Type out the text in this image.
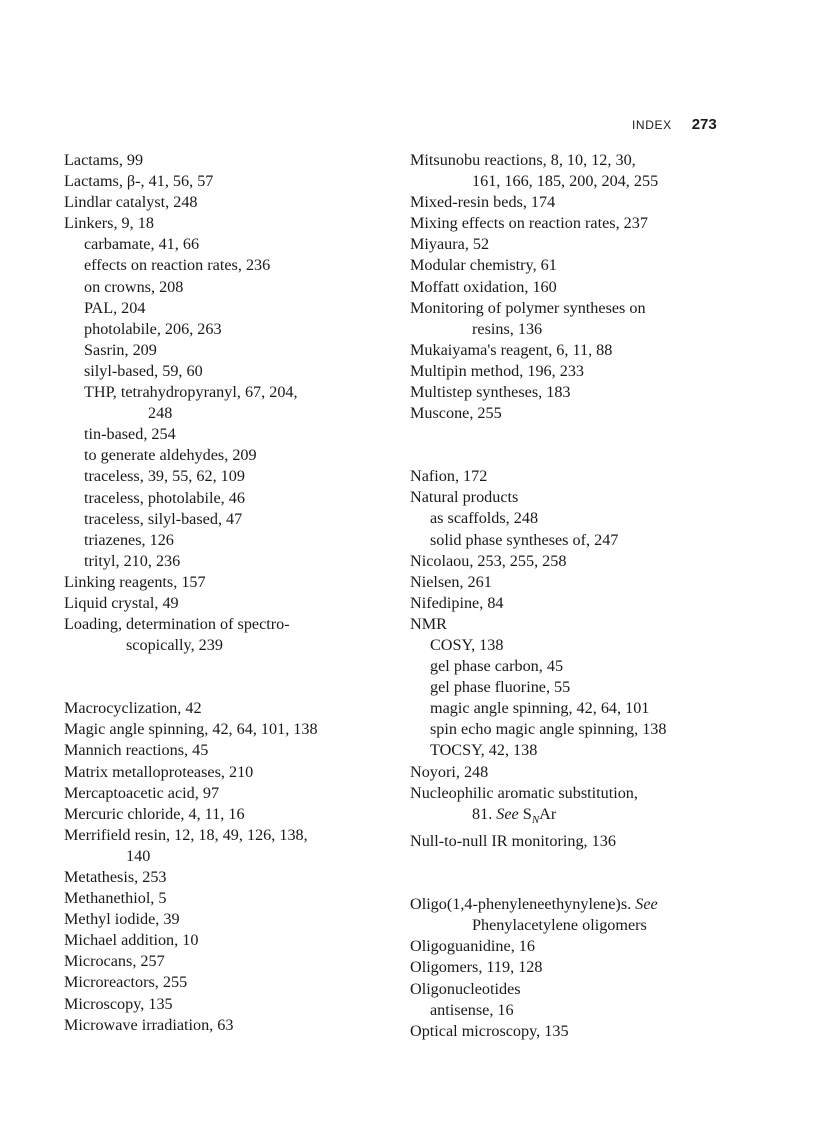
INDEX 273
Lactams, 99
Lactams, β-, 41, 56, 57
Lindlar catalyst, 248
Linkers, 9, 18
carbamate, 41, 66
effects on reaction rates, 236
on crowns, 208
PAL, 204
photolabile, 206, 263
Sasrin, 209
silyl-based, 59, 60
THP, tetrahydropyranyl, 67, 204,
248
tin-based, 254
to generate aldehydes, 209
traceless, 39, 55, 62, 109
traceless, photolabile, 46
traceless, silyl-based, 47
triazenes, 126
trityl, 210, 236
Linking reagents, 157
Liquid crystal, 49
Loading, determination of spectro-
scopically, 239
Macrocyclization, 42
Magic angle spinning, 42, 64, 101, 138
Mannich reactions, 45
Matrix metalloproteases, 210
Mercaptoacetic acid, 97
Mercuric chloride, 4, 11, 16
Merrifield resin, 12, 18, 49, 126, 138,
140
Metathesis, 253
Methanethiol, 5
Methyl iodide, 39
Michael addition, 10
Microcans, 257
Microreactors, 255
Microscopy, 135
Microwave irradiation, 63
Mitsunobu reactions, 8, 10, 12, 30,
161, 166, 185, 200, 204, 255
Mixed-resin beds, 174
Mixing effects on reaction rates, 237
Miyaura, 52
Modular chemistry, 61
Moffatt oxidation, 160
Monitoring of polymer syntheses on
resins, 136
Mukaiyama's reagent, 6, 11, 88
Multipin method, 196, 233
Multistep syntheses, 183
Muscone, 255
Nafion, 172
Natural products
as scaffolds, 248
solid phase syntheses of, 247
Nicolaou, 253, 255, 258
Nielsen, 261
Nifedipine, 84
NMR
COSY, 138
gel phase carbon, 45
gel phase fluorine, 55
magic angle spinning, 42, 64, 101
spin echo magic angle spinning, 138
TOCSY, 42, 138
Noyori, 248
Nucleophilic aromatic substitution,
81. See $S_NAr$
Null-to-null IR monitoring, 136
Oligo(1,4-phenyleneethynylene)s. See
Phenylacetylene oligomers
Oligoguanidine, 16
Oligomers, 119, 128
Oligonucleotides
antisense, 16
Optical microscopy, 135
